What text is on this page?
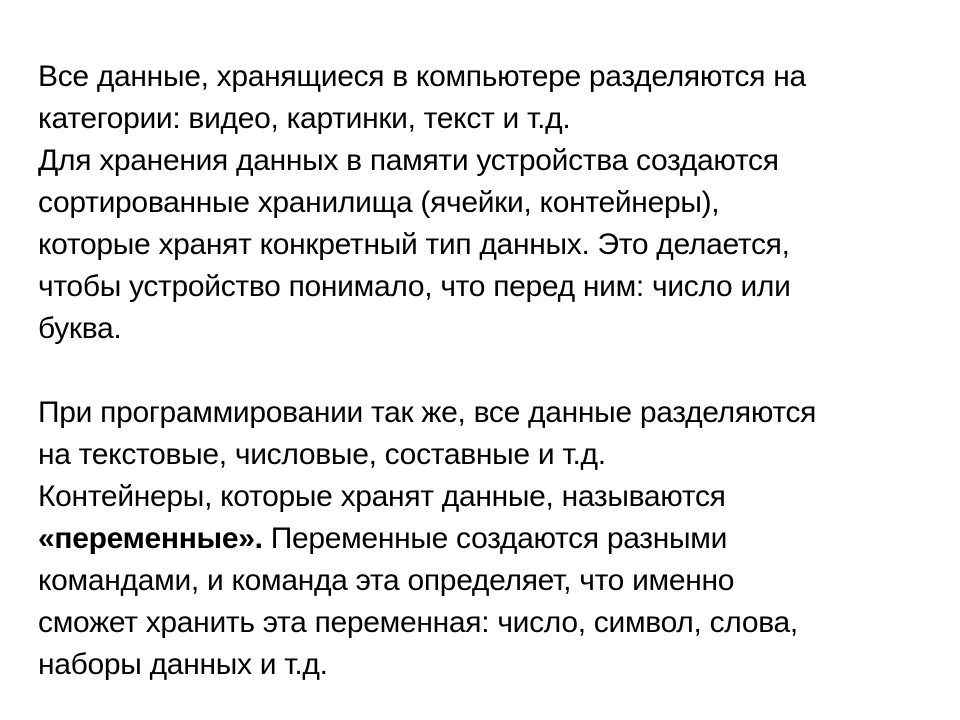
Все данные, хранящиеся в компьютере разделяются на
категории: видео, картинки, текст и т.д.
Для хранения данных в памяти устройства создаются
сортированные хранилища (ячейки, контейнеры),
которые хранят конкретный тип данных. Это делается,
чтобы устройство понимало, что перед ним: число или
буква.

При программировании так же, все данные разделяются
на текстовые, числовые, составные и т.д.
Контейнеры, которые хранят данные, называются
«переменные». Переменные создаются разными
командами, и команда эта определяет, что именно
сможет хранить эта переменная: число, символ, слова,
наборы данных и т.д.
